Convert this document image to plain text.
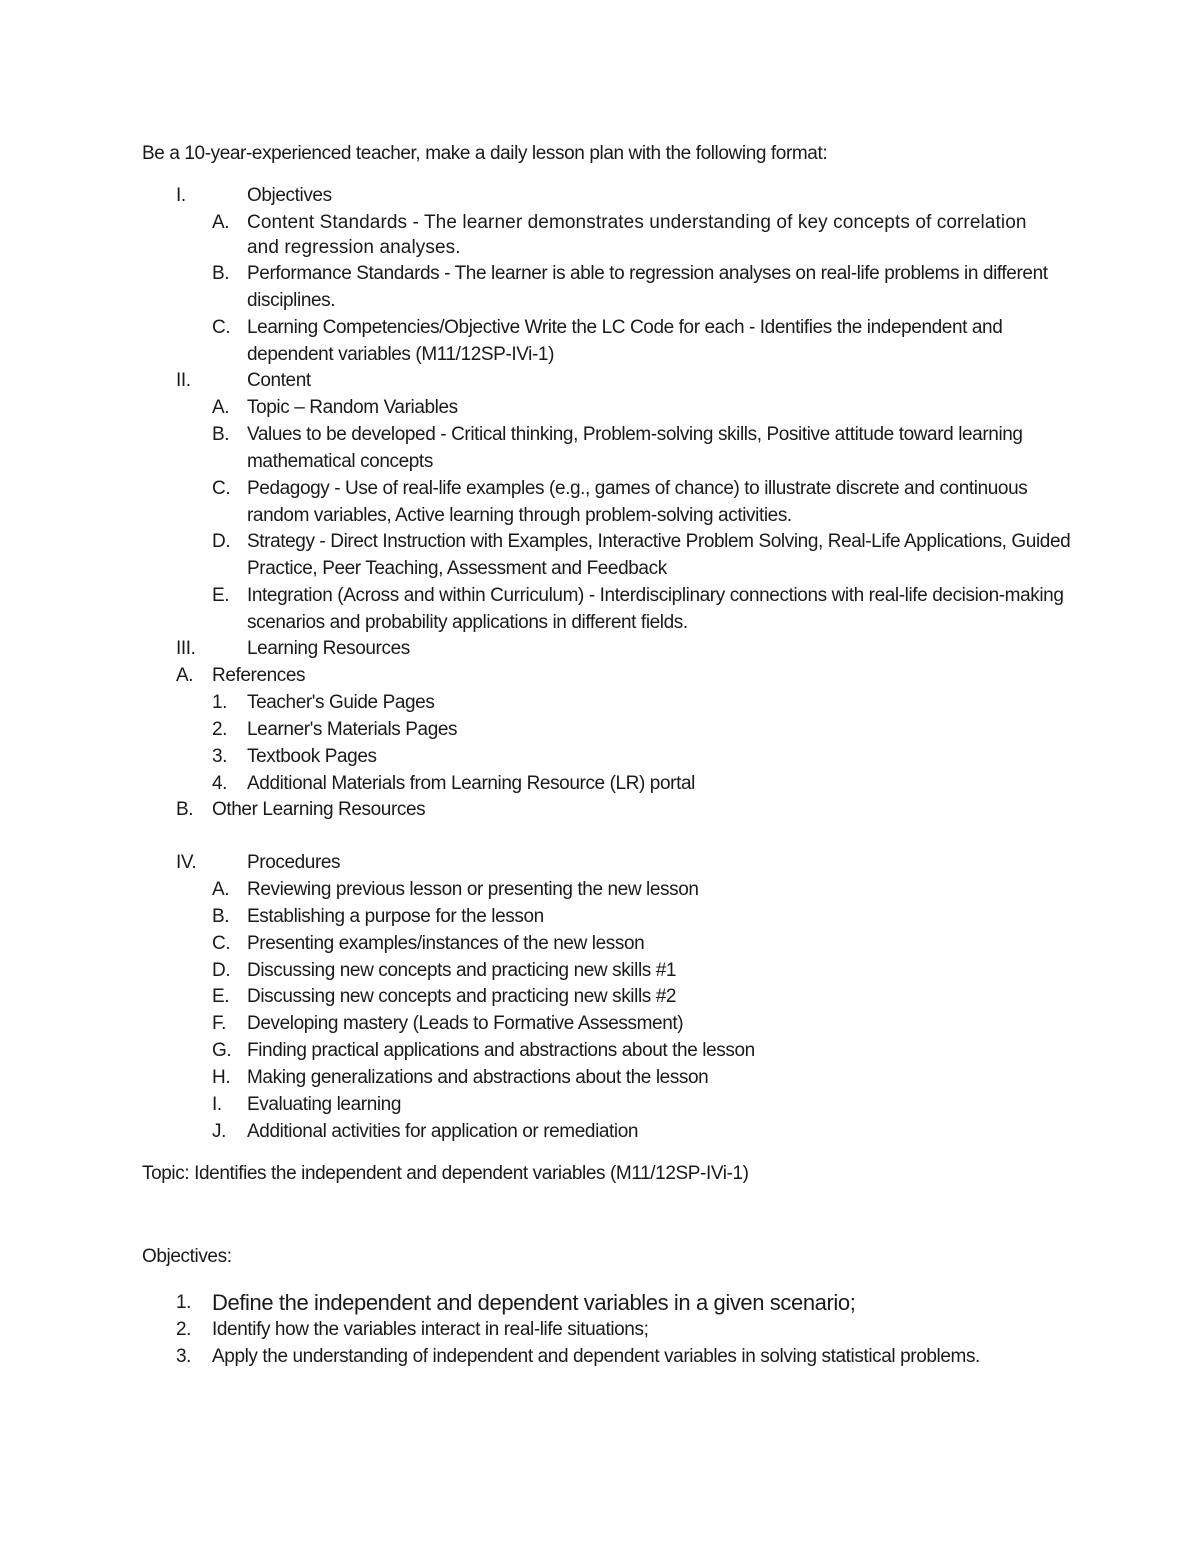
Be a 10-year-experienced teacher, make a daily lesson plan with the following format:
I.	Objectives
A. Content Standards - The learner demonstrates understanding of key concepts of correlation
and regression analyses.
B. Performance Standards - The learner is able to regression analyses on real-life problems in different
disciplines.
C. Learning Competencies/Objective Write the LC Code for each - Identifies the independent and
dependent variables (M11/12SP-IVi-1)
II.	Content
A. Topic – Random Variables
B. Values to be developed - Critical thinking, Problem-solving skills, Positive attitude toward learning
mathematical concepts
C. Pedagogy - Use of real-life examples (e.g., games of chance) to illustrate discrete and continuous
random variables, Active learning through problem-solving activities.
D. Strategy - Direct Instruction with Examples, Interactive Problem Solving, Real-Life Applications, Guided
Practice, Peer Teaching, Assessment and Feedback
E. Integration (Across and within Curriculum) - Interdisciplinary connections with real-life decision-making
scenarios and probability applications in different fields.
III.	Learning Resources
A. References
1. Teacher's Guide Pages
2. Learner's Materials Pages
3. Textbook Pages
4. Additional Materials from Learning Resource (LR) portal
B. Other Learning Resources
IV.	Procedures
A. Reviewing previous lesson or presenting the new lesson
B. Establishing a purpose for the lesson
C. Presenting examples/instances of the new lesson
D. Discussing new concepts and practicing new skills #1
E. Discussing new concepts and practicing new skills #2
F. Developing mastery (Leads to Formative Assessment)
G. Finding practical applications and abstractions about the lesson
H. Making generalizations and abstractions about the lesson
I. Evaluating learning
J. Additional activities for application or remediation
Topic: Identifies the independent and dependent variables (M11/12SP-IVi-1)
Objectives:
1. Define the independent and dependent variables in a given scenario;
2. Identify how the variables interact in real-life situations;
3. Apply the understanding of independent and dependent variables in solving statistical problems.
